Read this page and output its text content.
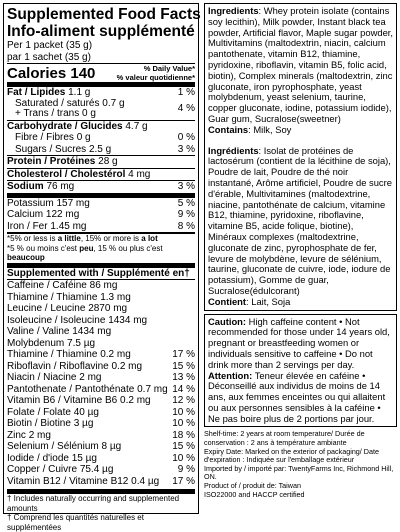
Supplemented Food Facts
Info-aliment supplémenté
Per 1 packet (35 g)
par 1 sachet (35 g)
Calories 140	% Daily Value*
% valeur quotidienne*
Fat / Lipides 1.1 g	1 %
Saturated / saturés 0.7 g
+ Trans / trans 0 g	4 %
Carbohydrate / Glucides 4.7 g
Fibre / Fibres 0 g	0 %
Sugars / Sucres 2.5 g	3 %
Protein / Protéines 28 g
Cholesterol / Cholestérol 4 mg
Sodium 76 mg	3 %
Potassium 157 mg	5 %
Calcium 122 mg	9 %
Iron / Fer 1.45 mg	8 %
*5% or less is a little, 15% or more is a lot
*5 % ou moins c'est peu, 15 % ou plus c'est beaucoup
Supplemented with / Supplémenté en†
Caffeine / Caféine 86 mg
Thiamine / Thiamine 1.3 mg
Leucine / Leucine 2870 mg
Isoleucine / Isoleucine 1434 mg
Valine / Valine 1434 mg
Molybdenum 7.5 µg
Thiamine / Thiamine 0.2 mg	17 %
Riboflavin / Riboflavine 0.2 mg	15 %
Niacin / Niacine 2 mg	13 %
Pantothenate / Pantothénate 0.7 mg 14 %
Vitamin B6 / Vitamine B6 0.2 mg 12 %
Folate / Folate 40 µg	10 %
Biotin / Biotine 3 µg	10 %
Zinc 2 mg	18 %
Selenium / Sélénium 8 µg	15 %
Iodide / d'iode 15 µg	10 %
Copper / Cuivre 75.4 µg	9 %
Vitamin B12 / Vitamine B12 0.4 µg 17 %
† Includes naturally occurring and supplemented amounts
† Comprend les quantités naturelles et supplémentées
Ingredients: Whey protein isolate (contains soy lecithin), Milk powder, Instant black tea powder, Artificial flavor, Maple sugar powder, Multivitamins (maltodextrin, niacin, calcium pantothenate, vitamin B12, thiamine, pyridoxine, riboflavin, vitamin B5, folic acid, biotin), Complex minerals (maltodextrin, zinc gluconate, iron pyrophosphate, yeast molybdenum, yeast selenium, taurine, copper gluconate, iodine, potassium iodide), Guar gum, Sucralose(sweetner)
Contains: Milk, Soy
Ingrédients: Isolat de protéines de lactosérum (contient de la lécithine de soja), Poudre de lait, Poudre de thé noir instantané, Arôme artificiel, Poudre de sucre d'érable, Multivitamines (maltodextrine, niacine, pantothénate de calcium, vitamine B12, thiamine, pyridoxine, riboflavine, vitamine B5, acide folique, biotine), Minéraux complexes (maltodextrine, gluconate de zinc, pyrophosphate de fer, levure de molybdène, levure de sélénium, taurine, gluconate de cuivre, iode, iodure de potassium), Gomme de guar, Sucralose(édulcorant)
Contient: Lait, Soja
Caution: High caffeine content • Not recommended for those under 14 years old, pregnant or breastfeeding women or individuals sensitive to caffeine • Do not drink more than 2 servings per day.
Attention: Teneur élevée en caféine • Déconseillé aux individus de moins de 14 ans, aux femmes enceintes ou qui allaitent ou aux personnes sensibles à la caféine • Ne pas boire plus de 2 portions par jour.
Shelf-time: 2 years at room temperature/ Durée de conservation : 2 ans à température ambiante
Expiry Date: Marked on the exterior of packaging/ Date d'expiration : Indiquée sur l'emballage extérieur
Imported by / importé par: TwentyFarms Inc, Richmond Hill, ON.
Product of / produit de: Taiwan
ISO22000 and HACCP certified
